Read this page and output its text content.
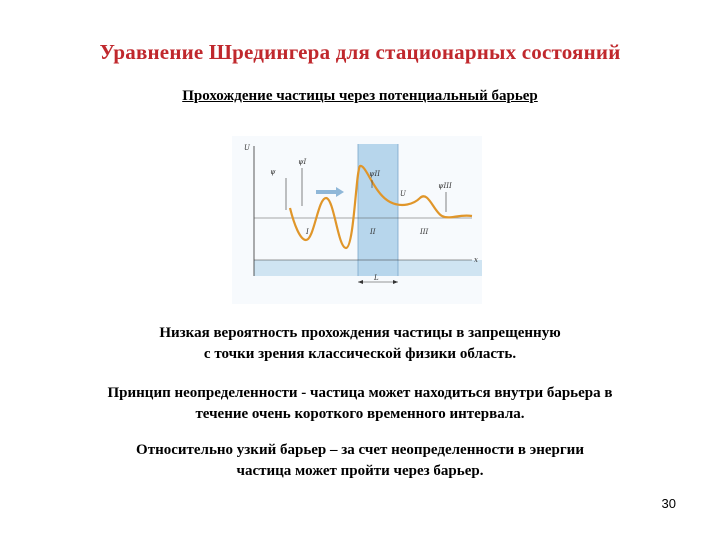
Уравнение Шредингера для стационарных состояний
Прохождение частицы через потенциальный барьер
U
x
U
ψ
ψI
ψII
ψIII
I	II	III
L
Низкая вероятность прохождения частицы в запрещенную
с точки зрения классической физики область.
Принцип неопределенности - частица может находиться внутри барьера в
течение очень короткого временного интервала.
Относительно узкий барьер – за счет неопределенности в энергии
частица может пройти через барьер.
30
